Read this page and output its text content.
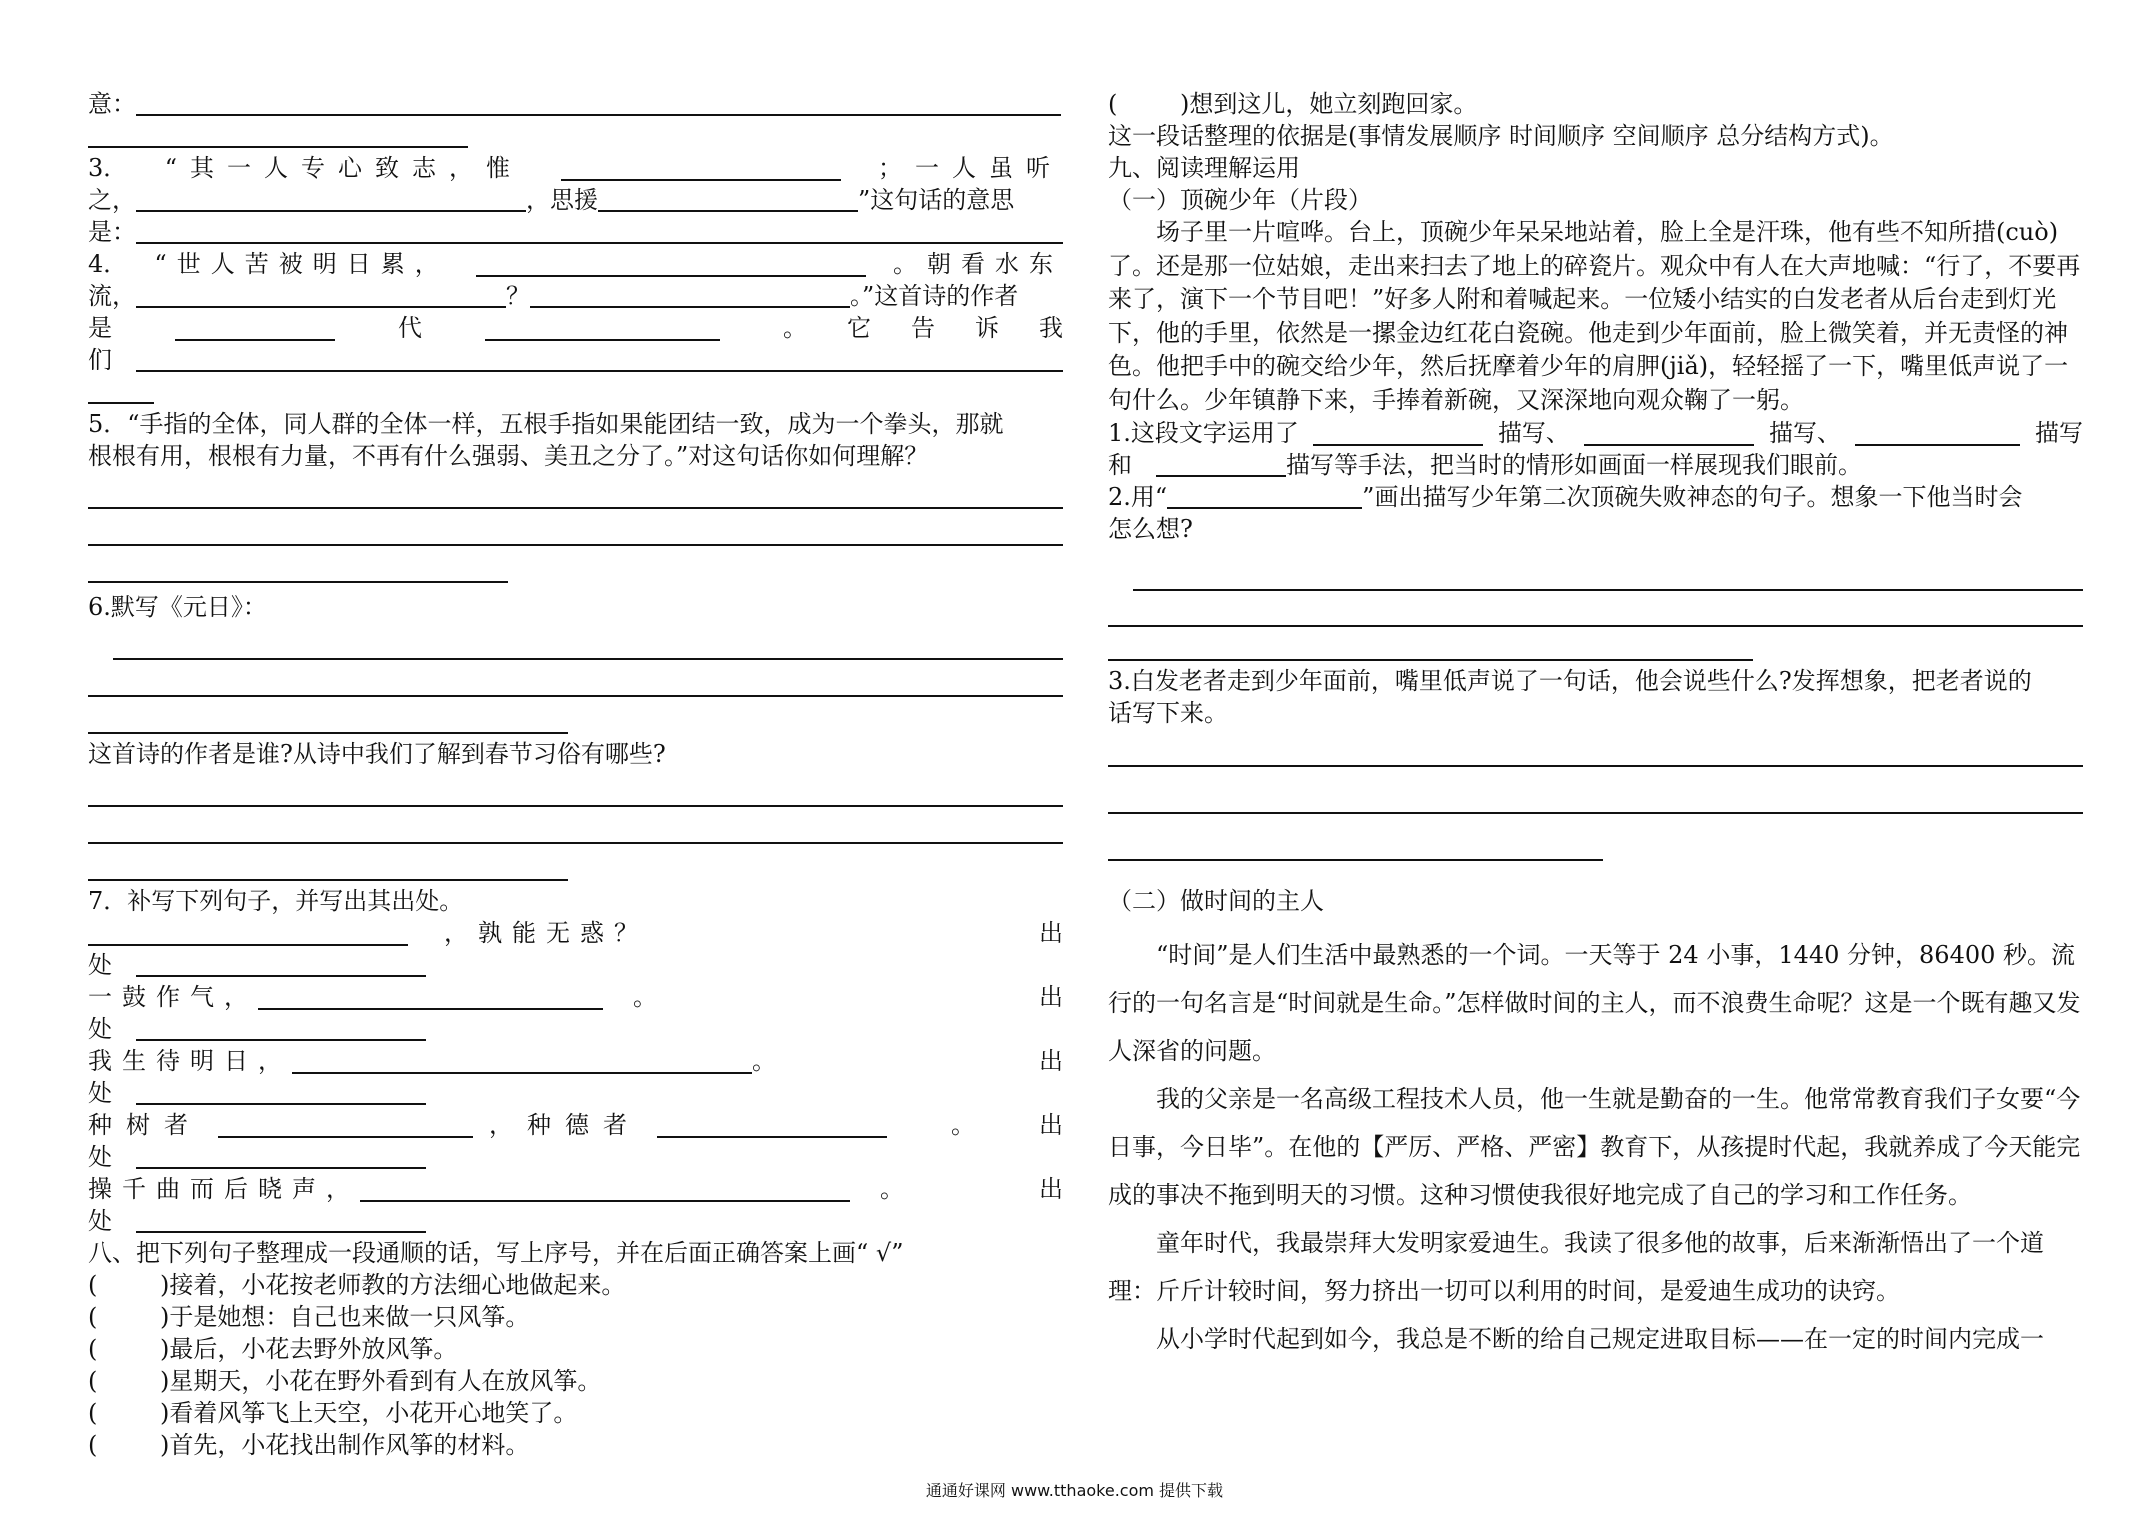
意：
3． “其一人专心致志，惟	；一人虽听
之，	，思援	”这句话的意思
是：
4． “世人苦被明日累，	。朝看水东
流，	？	。”这首诗的作者
是	代	。它告诉我
们
5．“手指的全体，同人群的全体一样，五根手指如果能团结一致，成为一个拳头，那就
根根有用，根根有力量，不再有什么强弱、美丑之分了。”对这句话你如何理解？
6.默写《元日》：
这首诗的作者是谁?从诗中我们了解到春节习俗有哪些?
7．补写下列句子，并写出其出处。
，孰能无惑？	出
处
一鼓作气，	。	出
处
我生待明日，	。	出
处
种树者	，种德者	。	出
处
操千曲而后晓声，	。	出
处
八、把下列句子整理成一段通顺的话，写上序号，并在后面正确答案上画“ √”
(	)接着，小花按老师教的方法细心地做起来。
(	)于是她想：自己也来做一只风筝。
(	)最后，小花去野外放风筝。
(	)星期天，小花在野外看到有人在放风筝。
(	)看着风筝飞上天空，小花开心地笑了。
(	)首先，小花找出制作风筝的材料。
(	)想到这儿，她立刻跑回家。
这一段话整理的依据是(事情发展顺序 时间顺序 空间顺序 总分结构方式)。
九、阅读理解运用
（一）顶碗少年（片段）
场子里一片喧哗。台上，顶碗少年呆呆地站着，脸上全是汗珠，他有些不知所措(cuò)了。还是那一位姑娘，走出来扫去了地上的碎瓷片。观众中有人在大声地喊：“行了，不要再来了，演下一个节目吧！”好多人附和着喊起来。一位矮小结实的白发老者从后台走到灯光下，他的手里，依然是一摞金边红花白瓷碗。他走到少年面前，脸上微笑着，并无责怪的神色。他把手中的碗交给少年，然后抚摩着少年的肩胛(jiǎ)，轻轻摇了一下，嘴里低声说了一句什么。少年镇静下来，手捧着新碗，又深深地向观众鞠了一躬。
1.这段文字运用了	描写、	描写、	描写
和	描写等手法，把当时的情形如画面一样展现我们眼前。
2.用“	”画出描写少年第二次顶碗失败神态的句子。想象一下他当时会
怎么想?
3.白发老者走到少年面前，嘴里低声说了一句话，他会说些什么?发挥想象，把老者说的
话写下来。
（二）做时间的主人
“时间”是人们生活中最熟悉的一个词。一天等于 24 小事，1440 分钟，86400 秒。流行的一句名言是“时间就是生命。”怎样做时间的主人，而不浪费生命呢？这是一个既有趣又发人深省的问题。
我的父亲是一名高级工程技术人员，他一生就是勤奋的一生。他常常教育我们子女要“今日事，今日毕”。在他的【严厉、严格、严密】教育下，从孩提时代起，我就养成了今天能完成的事决不拖到明天的习惯。这种习惯使我很好地完成了自己的学习和工作任务。
童年时代，我最崇拜大发明家爱迪生。我读了很多他的故事，后来渐渐悟出了一个道理：斤斤计较时间，努力挤出一切可以利用的时间，是爱迪生成功的诀窍。
从小学时代起到如今，我总是不断的给自己规定进取目标——在一定的时间内完成一
通通好课网 www.tthaoke.com 提供下载
